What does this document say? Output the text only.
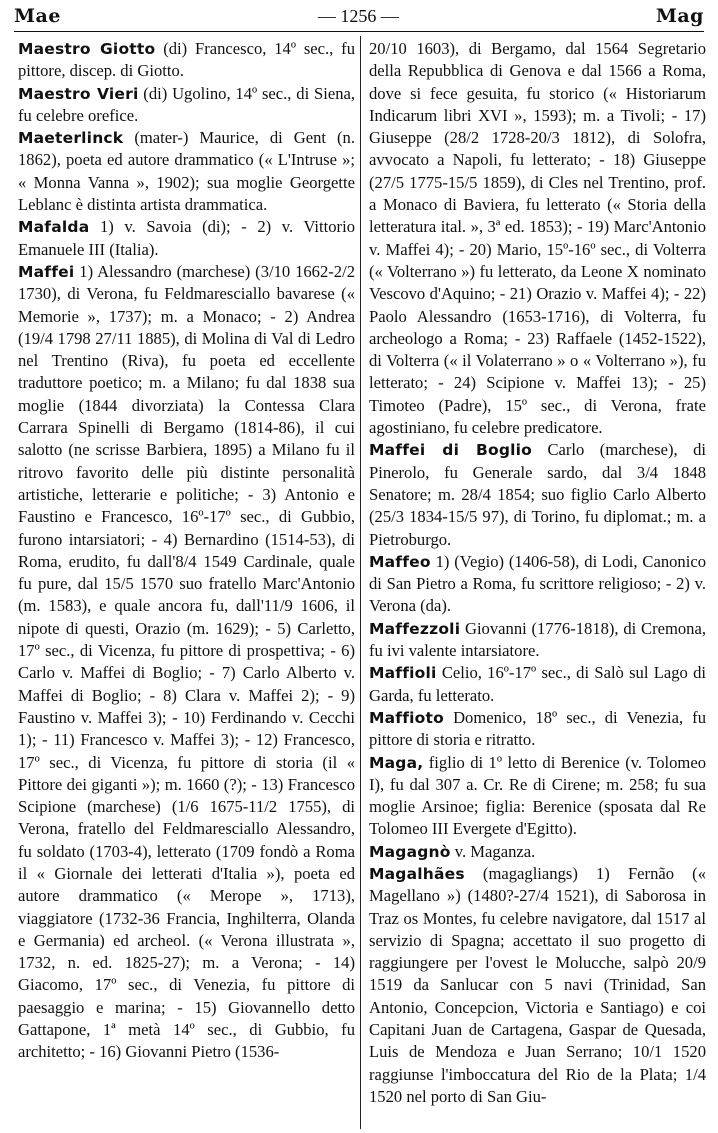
Mae	— 1256 —	Mag

Maestro Giotto (di) Francesco, 14º sec., fu pittore, discep. di Giotto.

Maestro Vieri (di) Ugolino, 14º sec., di Siena, fu celebre orefice.

Maeterlinck (mater-) Maurice, di Gent (n. 1862), poeta ed autore drammatico (« L'Intruse »; « Monna Vanna », 1902); sua moglie Georgette Leblanc è distinta artista drammatica.

Mafalda 1) v. Savoia (di); - 2) v. Vittorio Emanuele III (Italia).

Maffei 1) Alessandro (marchese) (3/10 1662-2/2 1730), di Verona, fu Feldmaresciallo bavarese (« Memorie », 1737); m. a Monaco; - 2) Andrea (19/4 1798 27/11 1885), di Molina di Val di Ledro nel Trentino (Riva), fu poeta ed eccellente traduttore poetico; m. a Milano; fu dal 1838 sua moglie (1844 divorziata) la Contessa Clara Carrara Spinelli di Bergamo (1814-86), il cui salotto (ne scrisse Barbiera, 1895) a Milano fu il ritrovo favorito delle più distinte personalità artistiche, letterarie e politiche; - 3) Antonio e Faustino e Francesco, 16º-17º sec., di Gubbio, furono intarsiatori; - 4) Bernardino (1514-53), di Roma, erudito, fu dall'8/4 1549 Cardinale, quale fu pure, dal 15/5 1570 suo fratello Marc'Antonio (m. 1583), e quale ancora fu, dall'11/9 1606, il nipote di questi, Orazio (m. 1629); - 5) Carletto, 17º sec., di Vicenza, fu pittore di prospettiva; - 6) Carlo v. Maffei di Boglio; - 7) Carlo Alberto v. Maffei di Boglio; - 8) Clara v. Maffei 2); - 9) Faustino v. Maffei 3); - 10) Ferdinando v. Cecchi 1); - 11) Francesco v. Maffei 3); - 12) Francesco, 17º sec., di Vicenza, fu pittore di storia (il « Pittore dei giganti »); m. 1660 (?); - 13) Francesco Scipione (marchese) (1/6 1675-11/2 1755), di Verona, fratello del Feldmaresciallo Alessandro, fu soldato (1703-4), letterato (1709 fondò a Roma il « Giornale dei letterati d'Italia »), poeta ed autore drammatico (« Merope », 1713), viaggiatore (1732-36 Francia, Inghilterra, Olanda e Germania) ed archeol. (« Verona illustrata », 1732, n. ed. 1825-27); m. a Verona; - 14) Giacomo, 17º sec., di Venezia, fu pittore di paesaggio e marina; - 15) Giovannello detto Gattapone, 1ª metà 14º sec., di Gubbio, fu architetto; - 16) Giovanni Pietro (1536-

20/10 1603), di Bergamo, dal 1564 Segretario della Repubblica di Genova e dal 1566 a Roma, dove si fece gesuita, fu storico (« Historiarum Indicarum libri XVI », 1593); m. a Tivoli; - 17) Giuseppe (28/2 1728-20/3 1812), di Solofra, avvocato a Napoli, fu letterato; - 18) Giuseppe (27/5 1775-15/5 1859), di Cles nel Trentino, prof. a Monaco di Baviera, fu letterato (« Storia della letteratura ital. », 3ª ed. 1853); - 19) Marc'Antonio v. Maffei 4); - 20) Mario, 15º-16º sec., di Volterra (« Volterrano ») fu letterato, da Leone X nominato Vescovo d'Aquino; - 21) Orazio v. Maffei 4); - 22) Paolo Alessandro (1653-1716), di Volterra, fu archeologo a Roma; - 23) Raffaele (1452-1522), di Volterra (« il Volaterrano » o « Volterrano »), fu letterato; - 24) Scipione v. Maffei 13); - 25) Timoteo (Padre), 15º sec., di Verona, frate agostiniano, fu celebre predicatore.

Maffei di Boglio Carlo (marchese), di Pinerolo, fu Generale sardo, dal 3/4 1848 Senatore; m. 28/4 1854; suo figlio Carlo Alberto (25/3 1834-15/5 97), di Torino, fu diplomat.; m. a Pietroburgo.

Maffeo 1) (Vegio) (1406-58), di Lodi, Canonico di San Pietro a Roma, fu scrittore religioso; - 2) v. Verona (da).

Maffezzoli Giovanni (1776-1818), di Cremona, fu ivi valente intarsiatore.

Maffioli Celio, 16º-17º sec., di Salò sul Lago di Garda, fu letterato.

Maffioto Domenico, 18º sec., di Venezia, fu pittore di storia e ritratto.

Maga, figlio di 1º letto di Berenice (v. Tolomeo I), fu dal 307 a. Cr. Re di Cirene; m. 258; fu sua moglie Arsinoe; figlia: Berenice (sposata dal Re Tolomeo III Evergete d'Egitto).

Magagnò v. Maganza.

Magalhães (magagliangs) 1) Fernão (« Magellano ») (1480?-27/4 1521), di Saborosa in Traz os Montes, fu celebre navigatore, dal 1517 al servizio di Spagna; accettato il suo progetto di raggiungere per l'ovest le Molucche, salpò 20/9 1519 da Sanlucar con 5 navi (Trinidad, San Antonio, Concepcion, Victoria e Santiago) e coi Capitani Juan de Cartagena, Gaspar de Quesada, Luis de Mendoza e Juan Serrano; 10/1 1520 raggiunse l'imboccatura del Rio de la Plata; 1/4 1520 nel porto di San Giu-
